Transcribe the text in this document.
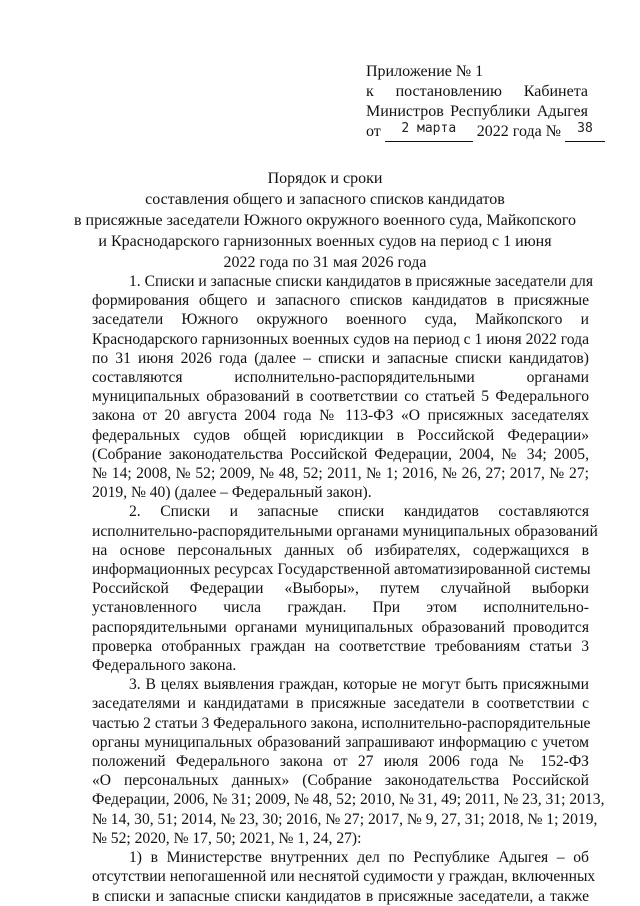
Приложение № 1
к постановлению Кабинета
Министров Республики Адыгея
от $^{2 марта}$ 2022 года № $^{38}$
Порядок и сроки
составления общего и запасного списков кандидатов
в присяжные заседатели Южного окружного военного суда, Майкопского
и Краснодарского гарнизонных военных судов на период с 1 июня
2022 года по 31 мая 2026 года
1. Списки и запасные списки кандидатов в присяжные заседатели для
формирования общего и запасного списков кандидатов в присяжные
заседатели Южного окружного военного суда, Майкопского и
Краснодарского гарнизонных военных судов на период с 1 июня 2022 года
по 31 июня 2026 года (далее – списки и запасные списки кандидатов)
составляются исполнительно-распорядительными органами
муниципальных образований в соответствии со статьей 5 Федерального
закона от 20 августа 2004 года № 113-ФЗ «О присяжных заседателях
федеральных судов общей юрисдикции в Российской Федерации»
(Собрание законодательства Российской Федерации, 2004, № 34; 2005,
№ 14; 2008, № 52; 2009, № 48, 52; 2011, № 1; 2016, № 26, 27; 2017, № 27;
2019, № 40) (далее – Федеральный закон).
2. Списки и запасные списки кандидатов составляются
исполнительно-распорядительными органами муниципальных образований
на основе персональных данных об избирателях, содержащихся в
информационных ресурсах Государственной автоматизированной системы
Российской Федерации «Выборы», путем случайной выборки
установленного числа граждан. При этом исполнительно-
распорядительными органами муниципальных образований проводится
проверка отобранных граждан на соответствие требованиям статьи 3
Федерального закона.
3. В целях выявления граждан, которые не могут быть присяжными
заседателями и кандидатами в присяжные заседатели в соответствии с
частью 2 статьи 3 Федерального закона, исполнительно-распорядительные
органы муниципальных образований запрашивают информацию с учетом
положений Федерального закона от 27 июля 2006 года № 152-ФЗ
«О персональных данных» (Собрание законодательства Российской
Федерации, 2006, № 31; 2009, № 48, 52; 2010, № 31, 49; 2011, № 23, 31; 2013,
№ 14, 30, 51; 2014, № 23, 30; 2016, № 27; 2017, № 9, 27, 31; 2018, № 1; 2019,
№ 52; 2020, № 17, 50; 2021, № 1, 24, 27):
1) в Министерстве внутренних дел по Республике Адыгея – об
отсутствии непогашенной или неснятой судимости у граждан, включенных
в списки и запасные списки кандидатов в присяжные заседатели, а также
